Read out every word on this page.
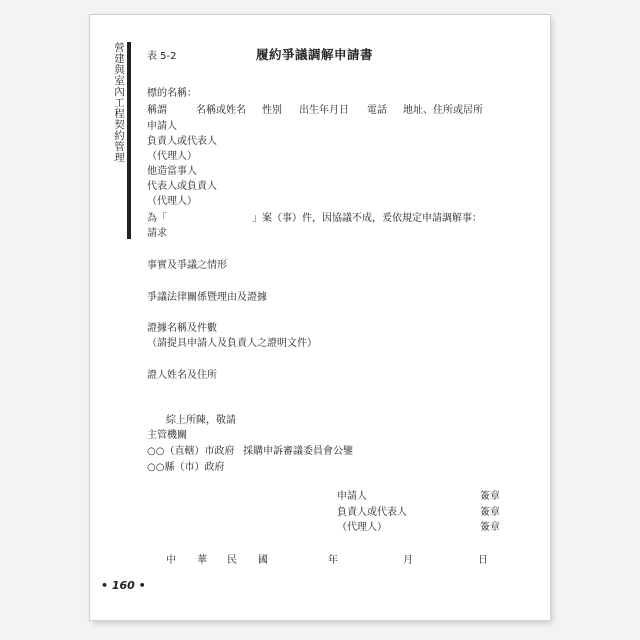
營建與室內工程契約管理 表 5-2	履約爭議調解申請書
標的名稱：
稱謂	名稱或姓名 性別 出生年月日 電話 地址、住所或居所
申請人
負責人或代表人
（代理人）
他造當事人
代表人或負責人
（代理人）
為「	」案（事）件，因協議不成，爰依規定申請調解事：
請求
事實及爭議之情形
爭議法律關係暨理由及證據
證據名稱及件數
（請提具申請人及負責人之證明文件）
證人姓名及住所
綜上所陳，敬請
主管機關
○○（直轄）市政府 採購申訴審議委員會公鑒
○○縣（市）政府
申請人	簽章
負責人或代表人	簽章
（代理人）	簽章
中 華 民 國	年	月	日
• 160 •
